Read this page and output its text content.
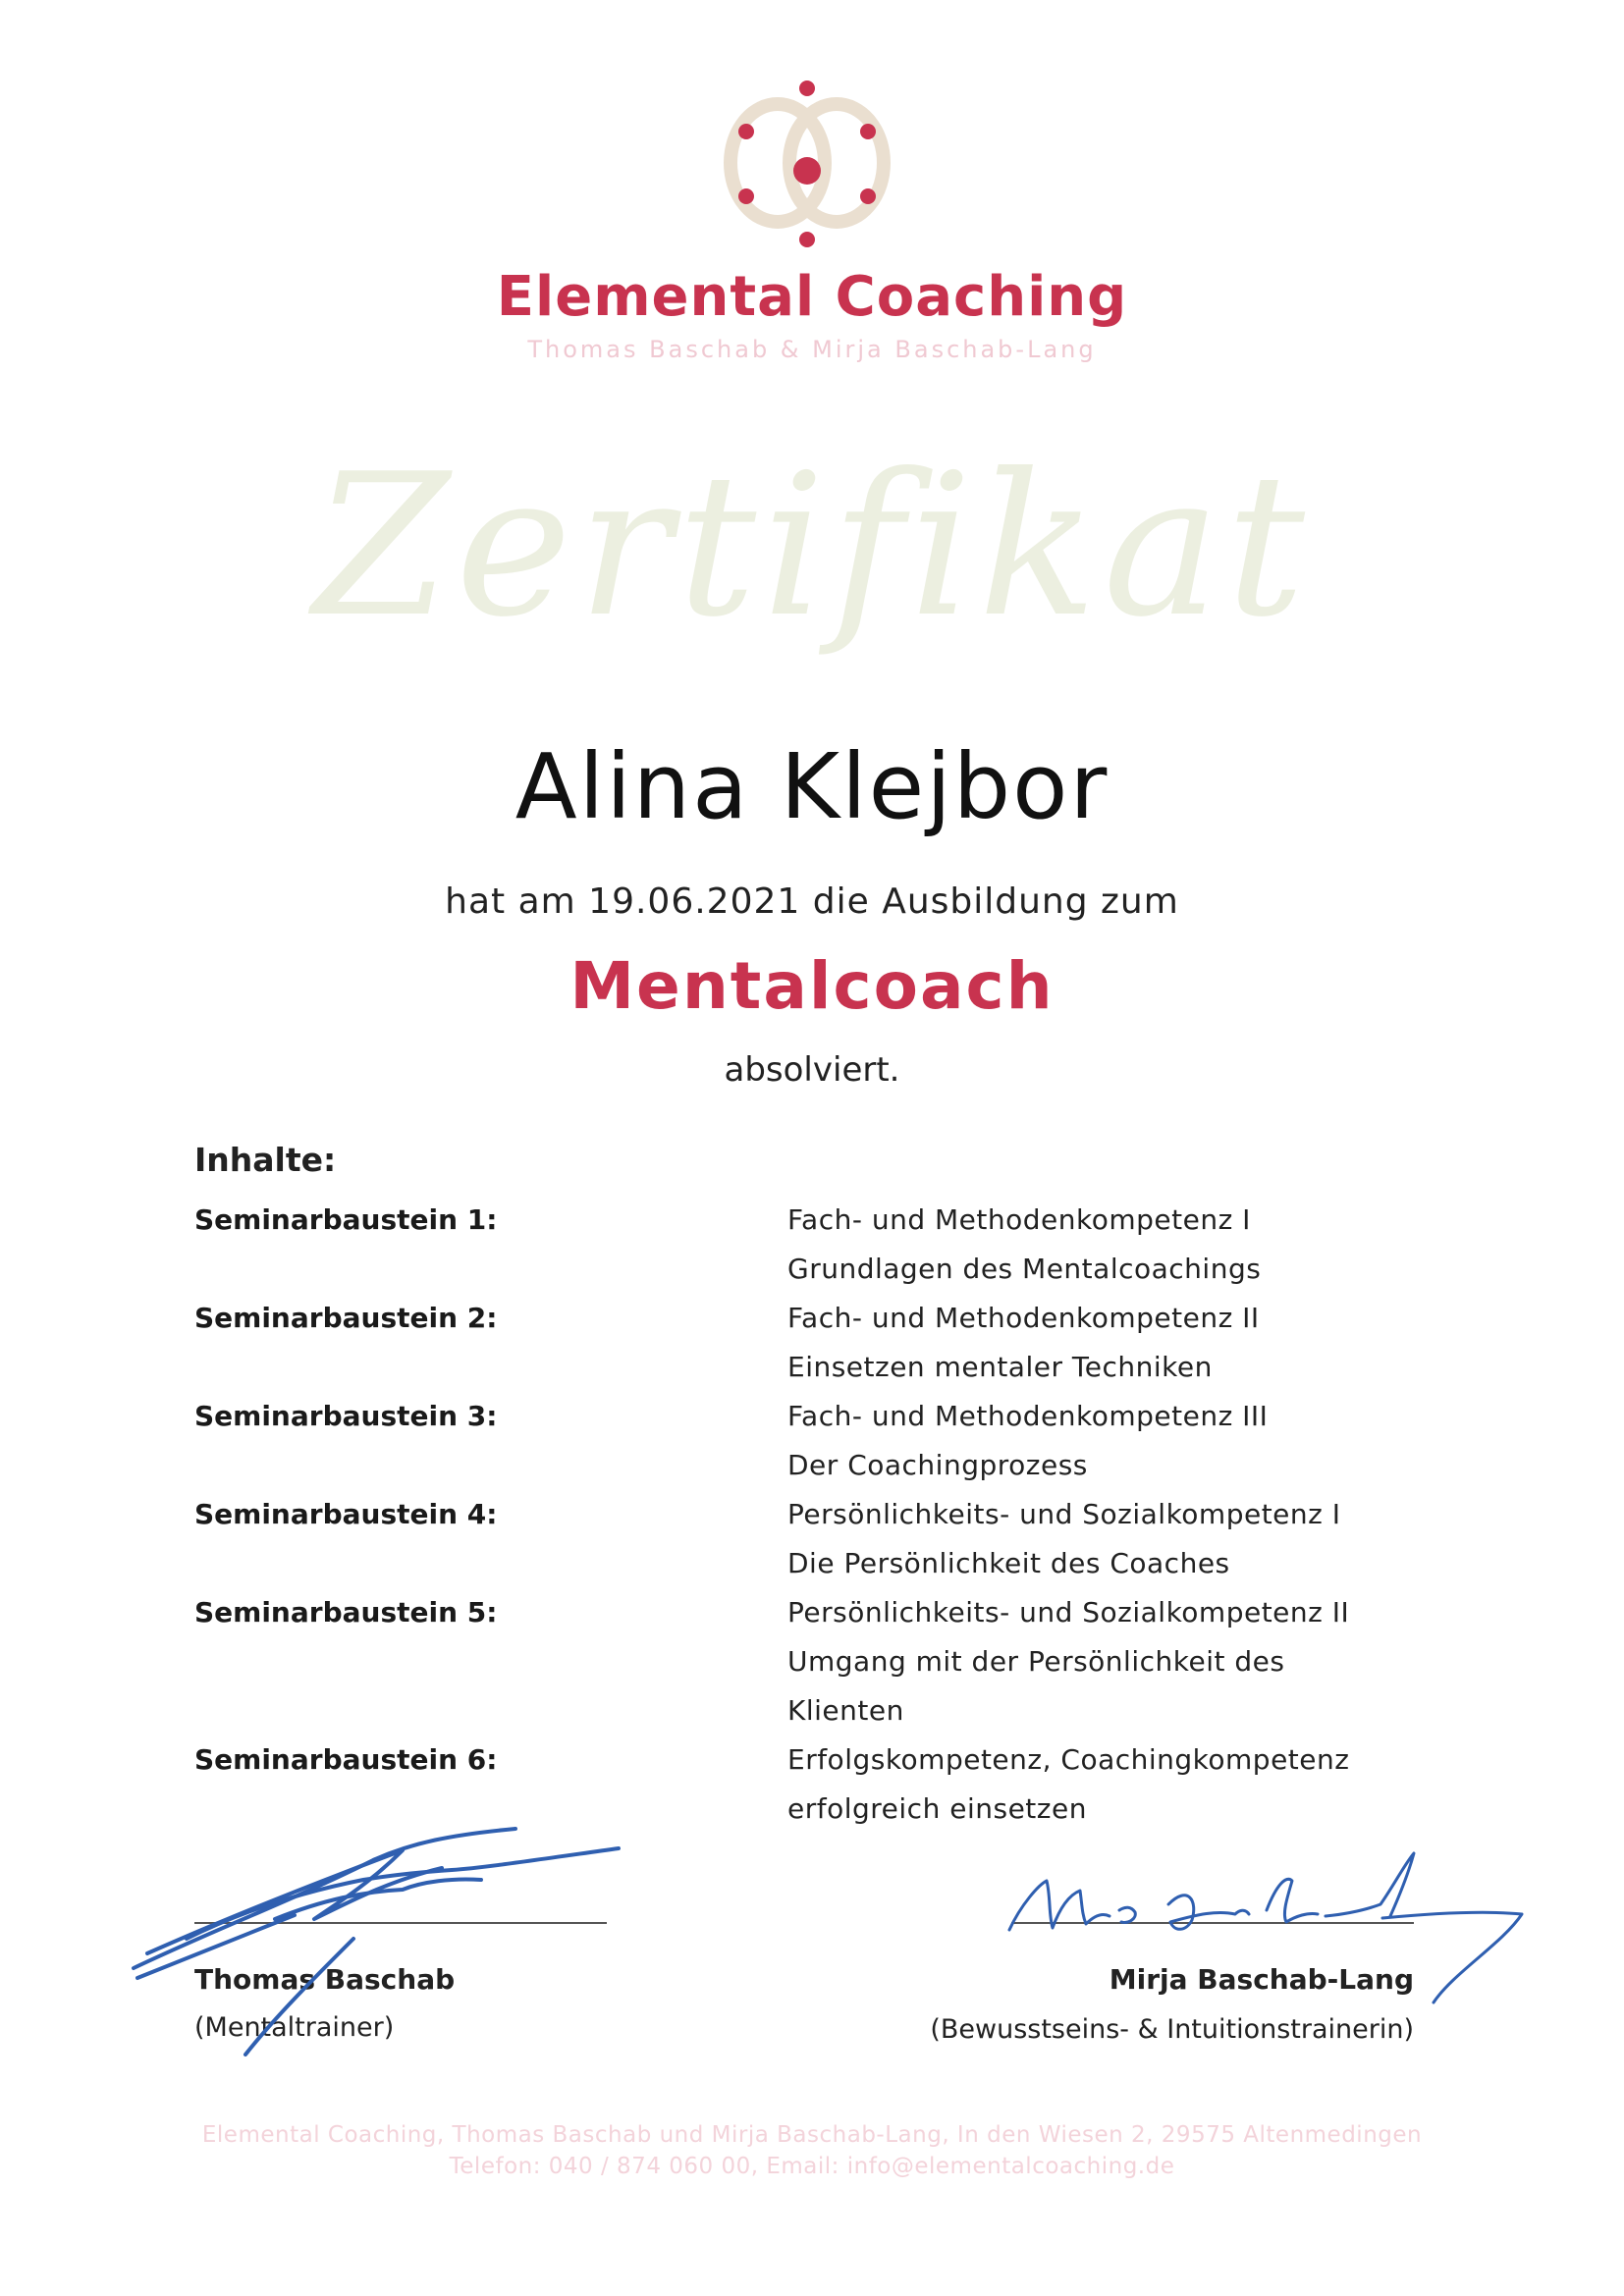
Elemental Coaching
Thomas Baschab & Mirja Baschab-Lang
Zertifikat
Alina Klejbor
hat am 19.06.2021 die Ausbildung zum
Mentalcoach
absolviert.
Inhalte:
Seminarbaustein 1:	Fach- und Methodenkompetenz I
Grundlagen des Mentalcoachings
Seminarbaustein 2:	Fach- und Methodenkompetenz II
Einsetzen mentaler Techniken
Seminarbaustein 3:	Fach- und Methodenkompetenz III
Der Coachingprozess
Seminarbaustein 4:	Persönlichkeits- und Sozialkompetenz I
Die Persönlichkeit des Coaches
Seminarbaustein 5:	Persönlichkeits- und Sozialkompetenz II
Umgang mit der Persönlichkeit des
Klienten
Seminarbaustein 6:	Erfolgskompetenz, Coachingkompetenz
erfolgreich einsetzen
Thomas Baschab
(Mentaltrainer)
Mirja Baschab-Lang
(Bewusstseins- & Intuitionstrainerin)
Elemental Coaching, Thomas Baschab und Mirja Baschab-Lang, In den Wiesen 2, 29575 Altenmedingen
Telefon: 040 / 874 060 00, Email: info@elementalcoaching.de
